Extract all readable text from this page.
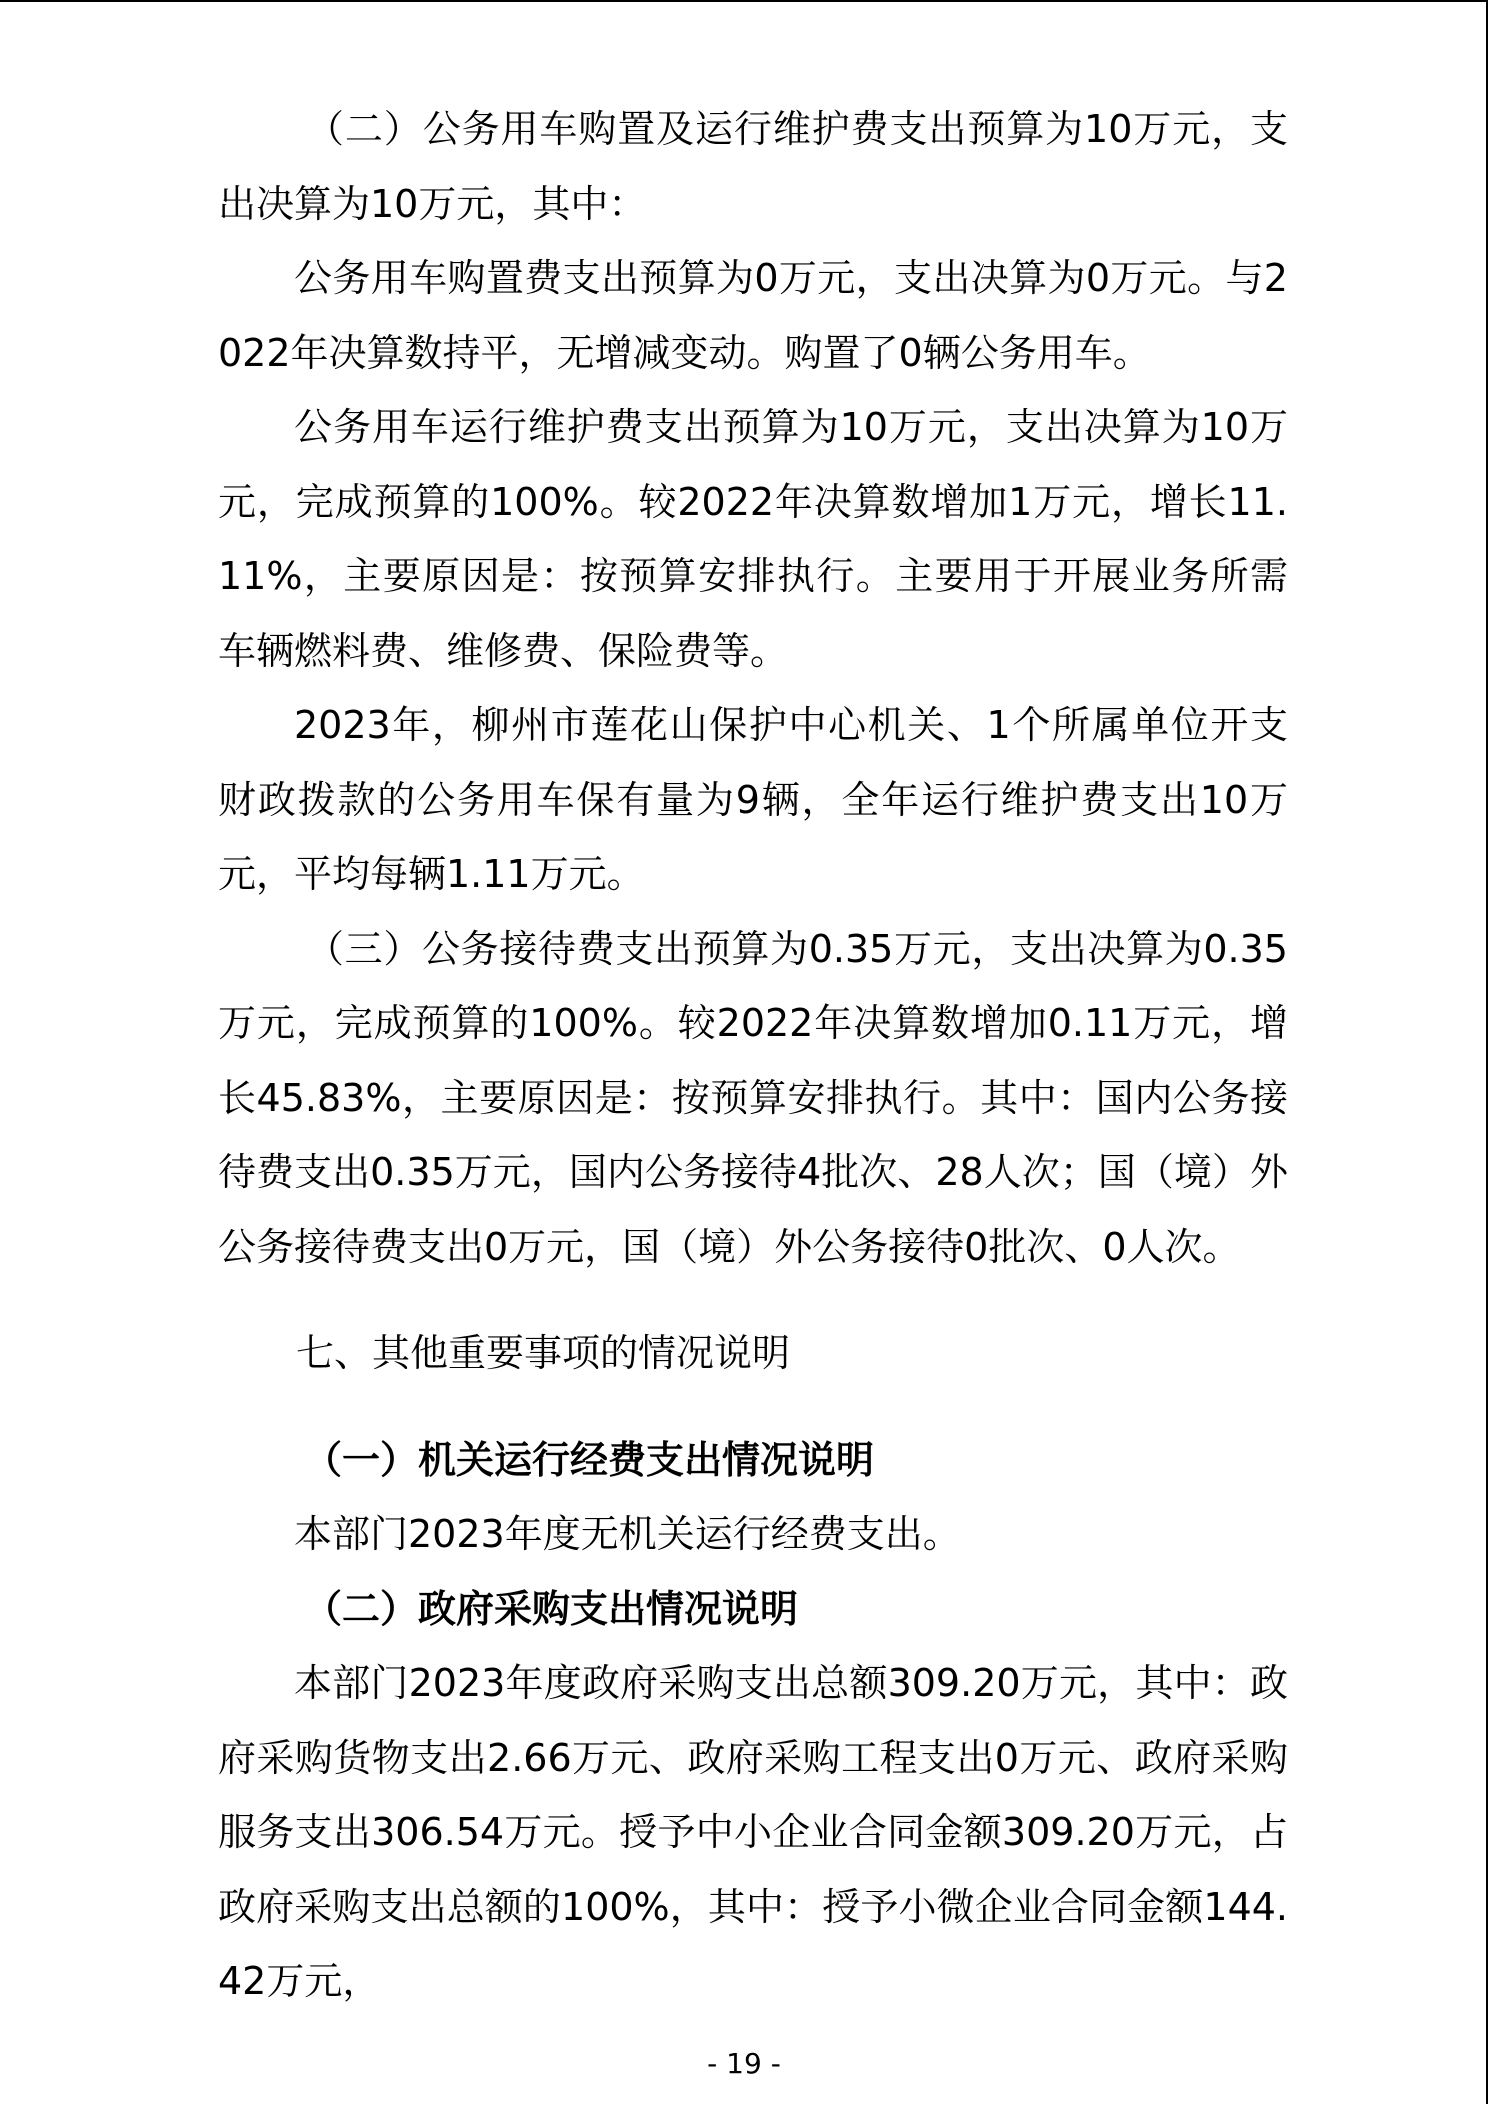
（二）公务用车购置及运行维护费支出预算为10万元，支出决算为10万元，其中：

公务用车购置费支出预算为0万元，支出决算为0万元。与2022年决算数持平，无增减变动。购置了0辆公务用车。

公务用车运行维护费支出预算为10万元，支出决算为10万元，完成预算的100%。较2022年决算数增加1万元，增长11.11%，主要原因是：按预算安排执行。主要用于开展业务所需车辆燃料费、维修费、保险费等。

2023年，柳州市莲花山保护中心机关、1个所属单位开支财政拨款的公务用车保有量为9辆，全年运行维护费支出10万元，平均每辆1.11万元。

（三）公务接待费支出预算为0.35万元，支出决算为0.35万元，完成预算的100%。较2022年决算数增加0.11万元，增长45.83%，主要原因是：按预算安排执行。其中：国内公务接待费支出0.35万元，国内公务接待4批次、28人次；国（境）外公务接待费支出0万元，国（境）外公务接待0批次、0人次。

七、其他重要事项的情况说明

（一）机关运行经费支出情况说明

本部门2023年度无机关运行经费支出。

（二）政府采购支出情况说明

本部门2023年度政府采购支出总额309.20万元，其中：政府采购货物支出2.66万元、政府采购工程支出0万元、政府采购服务支出306.54万元。授予中小企业合同金额309.20万元，占政府采购支出总额的100%，其中：授予小微企业合同金额144.42万元，

- 19 -
